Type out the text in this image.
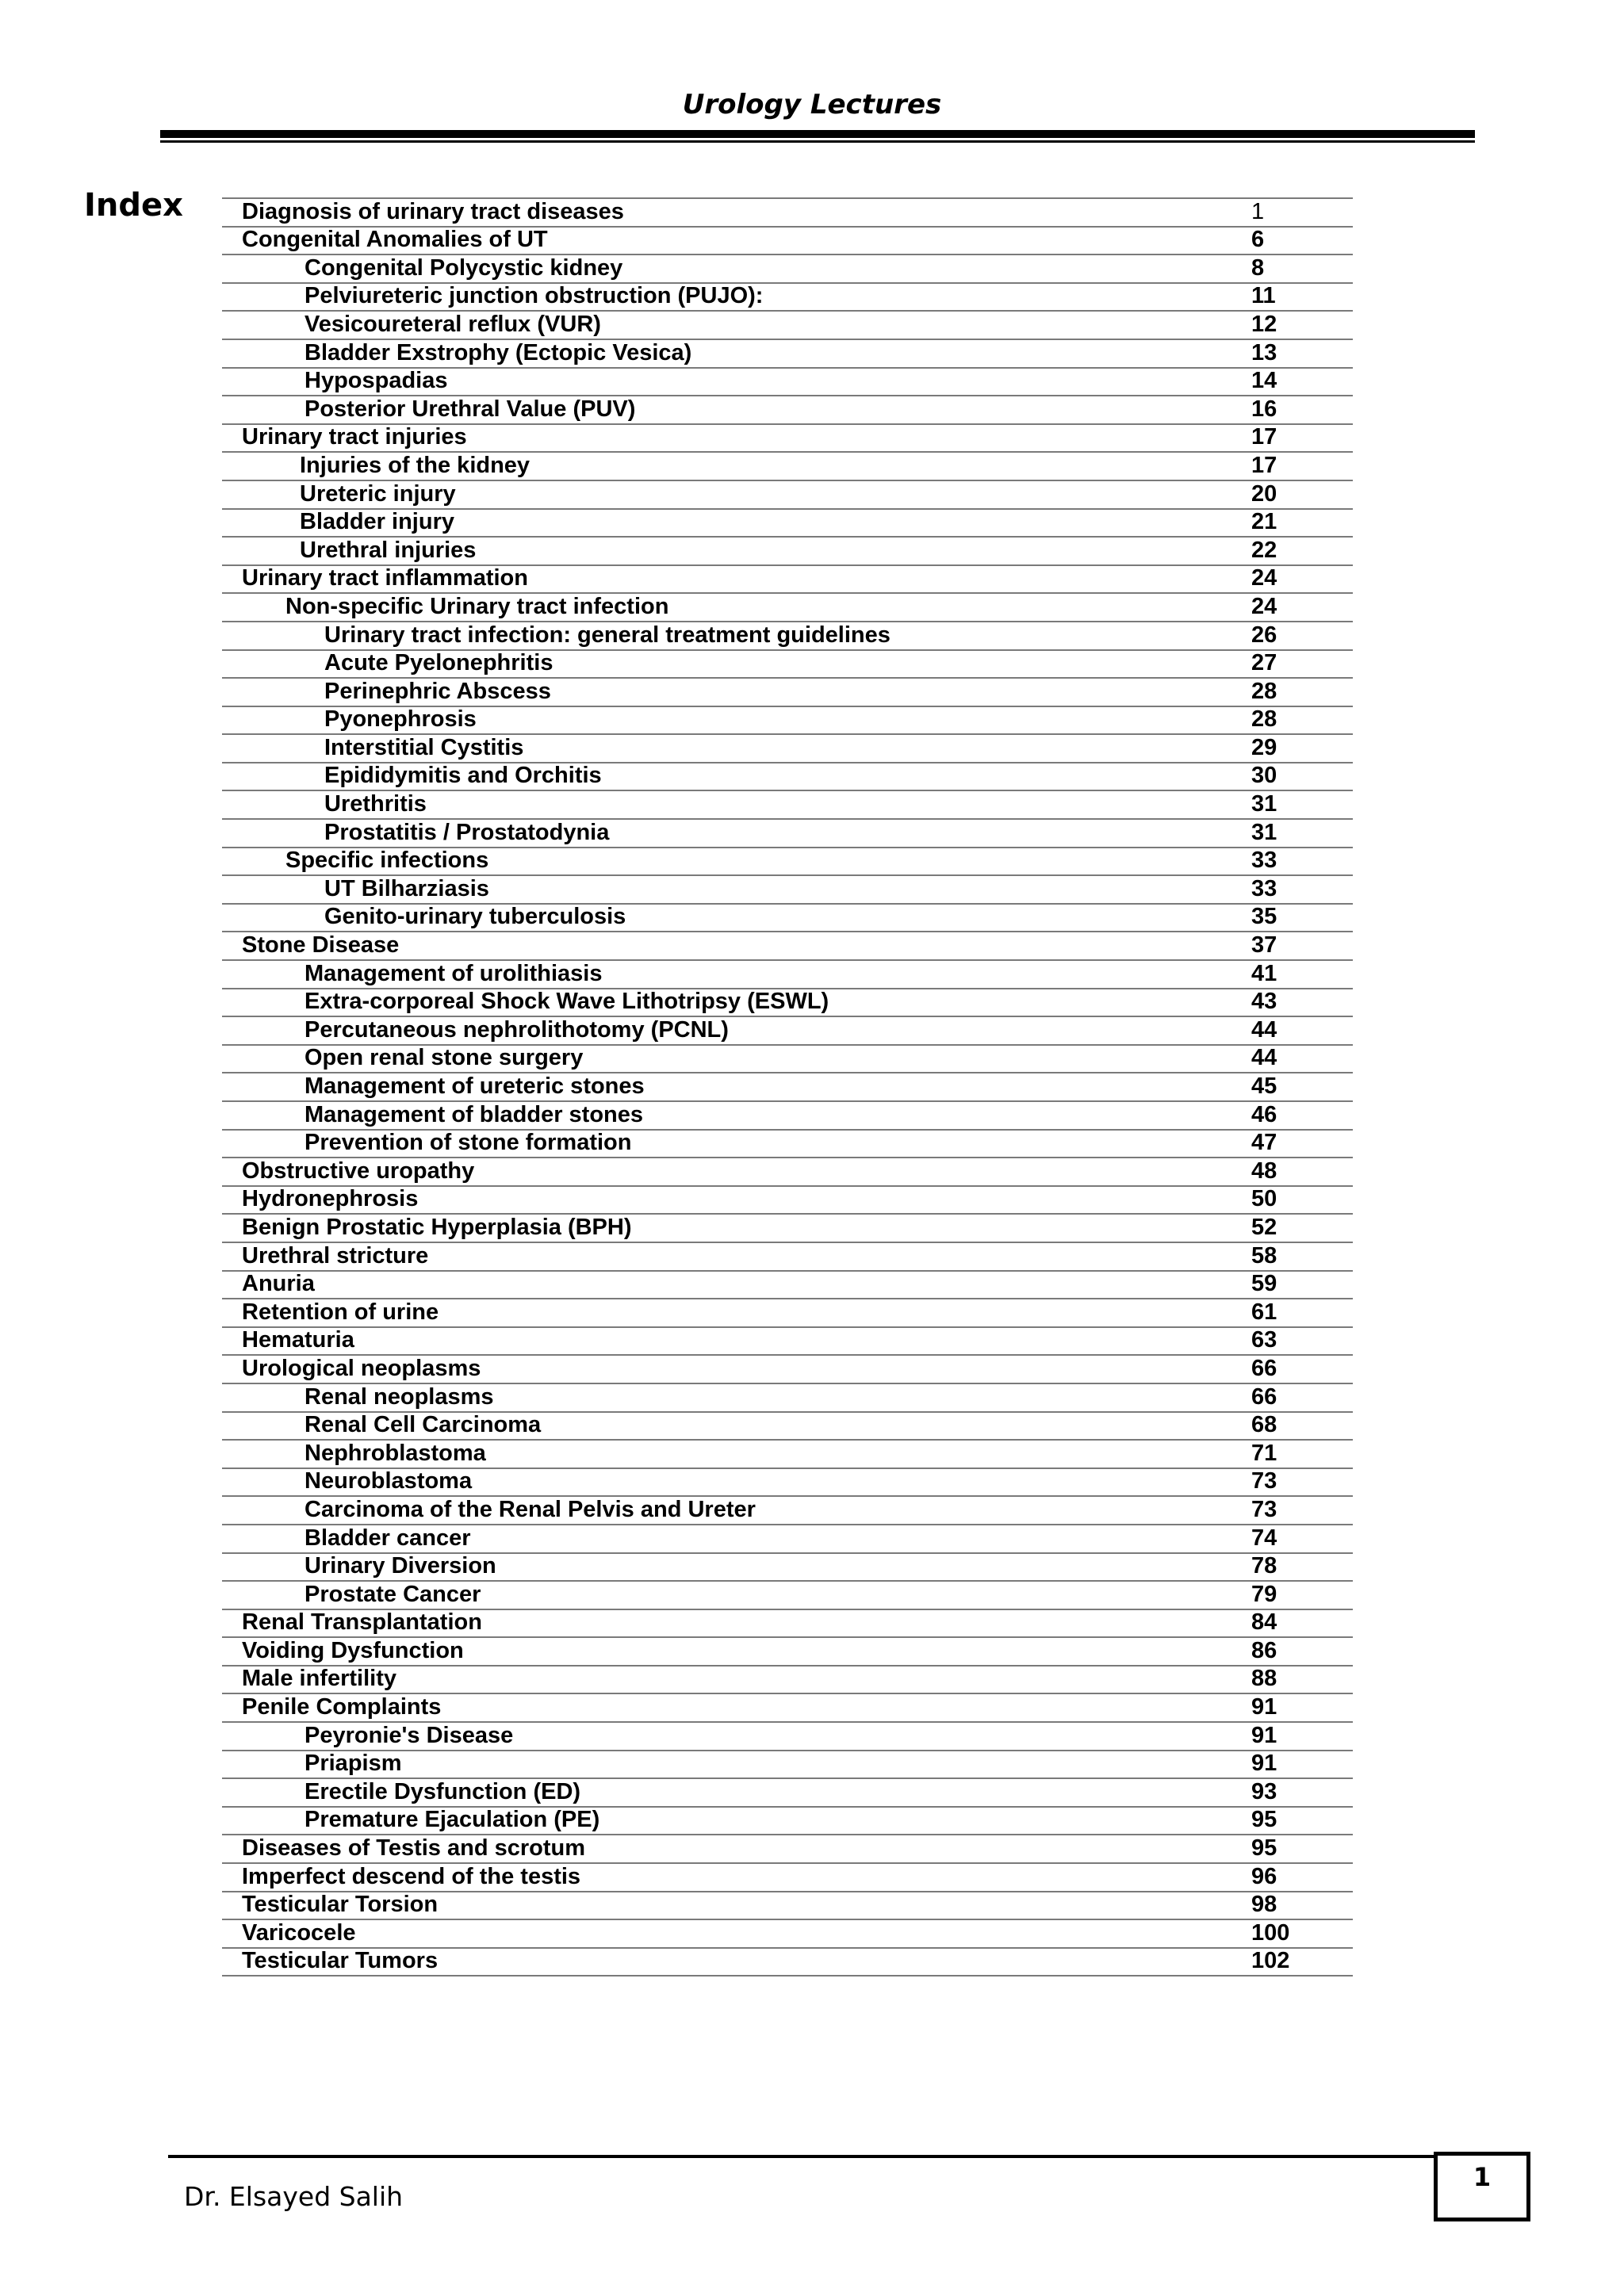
Urology Lectures
Index	Diagnosis of urinary tract diseases	1
Congenital Anomalies of UT	6
Congenital Polycystic kidney	8
Pelviureteric junction obstruction (PUJO):	11
Vesicoureteral reflux (VUR)	12
Bladder Exstrophy (Ectopic Vesica)	13
Hypospadias	14
Posterior Urethral Value (PUV)	16
Urinary tract injuries	17
Injuries of the kidney	17
Ureteric injury	20
Bladder injury	21
Urethral injuries	22
Urinary tract inflammation	24
Non-specific Urinary tract infection	24
Urinary tract infection: general treatment guidelines	26
Acute Pyelonephritis	27
Perinephric Abscess	28
Pyonephrosis	28
Interstitial Cystitis	29
Epididymitis and Orchitis	30
Urethritis	31
Prostatitis / Prostatodynia	31
Specific infections	33
UT Bilharziasis	33
Genito-urinary tuberculosis	35
Stone Disease	37
Management of urolithiasis	41
Extra-corporeal Shock Wave Lithotripsy (ESWL)	43
Percutaneous nephrolithotomy (PCNL)	44
Open renal stone surgery	44
Management of ureteric stones	45
Management of bladder stones	46
Prevention of stone formation	47
Obstructive uropathy	48
Hydronephrosis	50
Benign Prostatic Hyperplasia (BPH)	52
Urethral stricture	58
Anuria	59
Retention of urine	61
Hematuria	63
Urological neoplasms	66
Renal neoplasms	66
Renal Cell Carcinoma	68
Nephroblastoma	71
Neuroblastoma	73
Carcinoma of the Renal Pelvis and Ureter	73
Bladder cancer	74
Urinary Diversion	78
Prostate Cancer	79
Renal Transplantation	84
Voiding Dysfunction	86
Male infertility	88
Penile Complaints	91
Peyronie's Disease	91
Priapism	91
Erectile Dysfunction (ED)	93
Premature Ejaculation (PE)	95
Diseases of Testis and scrotum	95
Imperfect descend of the testis	96
Testicular Torsion	98
Varicocele	100
Testicular Tumors	102
Dr. Elsayed Salih
1
